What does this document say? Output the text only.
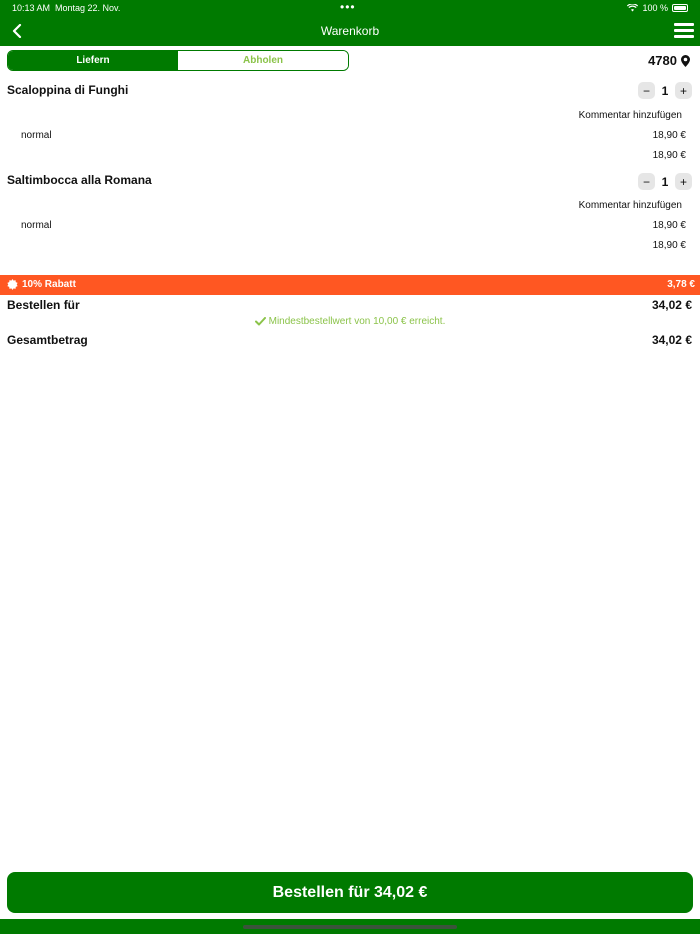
10:13 AM Montag 22. Nov.	•••	100 %
Warenkorb
Liefern	Abholen	4780
Scaloppina di Funghi	− 1 +
Kommentar hinzufügen
normal	18,90 €
18,90 €
Saltimbocca alla Romana	− 1 +
Kommentar hinzufügen
normal	18,90 €
18,90 €
10% Rabatt	3,78 €
Bestellen für	34,02 €
Mindestbestellwert von 10,00 € erreicht.
Gesamtbetrag	34,02 €
Bestellen für 34,02 €
